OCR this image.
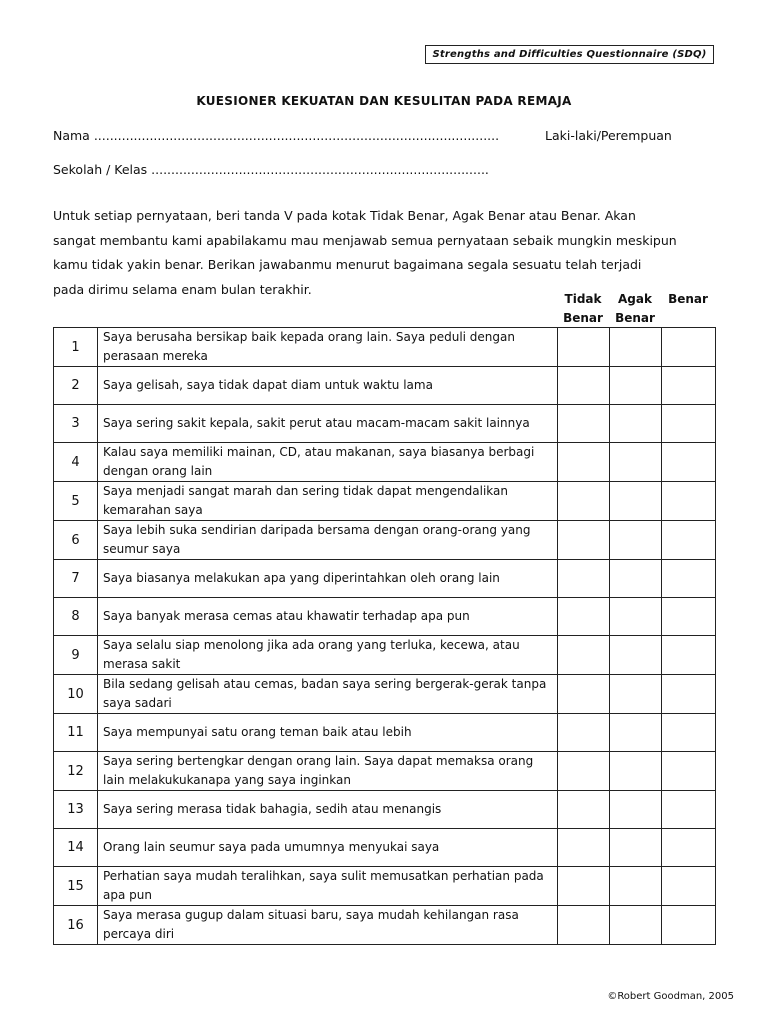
Strengths and Difficulties Questionnaire (SDQ)
KUESIONER KEKUATAN DAN KESULITAN PADA REMAJA
Nama ......................................................................................................	Laki-laki/Perempuan
Sekolah / Kelas .....................................................................................
Untuk setiap pernyataan, beri tanda V pada kotak Tidak Benar, Agak Benar atau Benar. Akan
sangat membantu kami apabilakamu mau menjawab semua pernyataan sebaik mungkin meskipun
kamu tidak yakin benar. Berikan jawabanmu menurut bagaimana segala sesuatu telah terjadi
pada dirimu selama enam bulan terakhir.
Tidak
Benar
Agak
Benar
Benar
1	Saya berusaha bersikap baik kepada orang lain. Saya peduli dengan perasaan mereka			
2	Saya gelisah, saya tidak dapat diam untuk waktu lama			
3	Saya sering sakit kepala, sakit perut atau macam-macam sakit lainnya			
4	Kalau saya memiliki mainan, CD, atau makanan, saya biasanya berbagi dengan orang lain			
5	Saya menjadi sangat marah dan sering tidak dapat mengendalikan kemarahan saya			
6	Saya lebih suka sendirian daripada bersama dengan orang-orang yang seumur saya			
7	Saya biasanya melakukan apa yang diperintahkan oleh orang lain			
8	Saya banyak merasa cemas atau khawatir terhadap apa pun			
9	Saya selalu siap menolong jika ada orang yang terluka, kecewa, atau merasa sakit			
10	Bila sedang gelisah atau cemas, badan saya sering bergerak-gerak tanpa saya sadari			
11	Saya mempunyai satu orang teman baik atau lebih			
12	Saya sering bertengkar dengan orang lain. Saya dapat memaksa orang lain melakukukanapa yang saya inginkan			
13	Saya sering merasa tidak bahagia, sedih atau menangis			
14	Orang lain seumur saya pada umumnya menyukai saya			
15	Perhatian saya mudah teralihkan, saya sulit memusatkan perhatian pada apa pun			
16	Saya merasa gugup dalam situasi baru, saya mudah kehilangan rasa percaya diri			
©Robert Goodman, 2005
